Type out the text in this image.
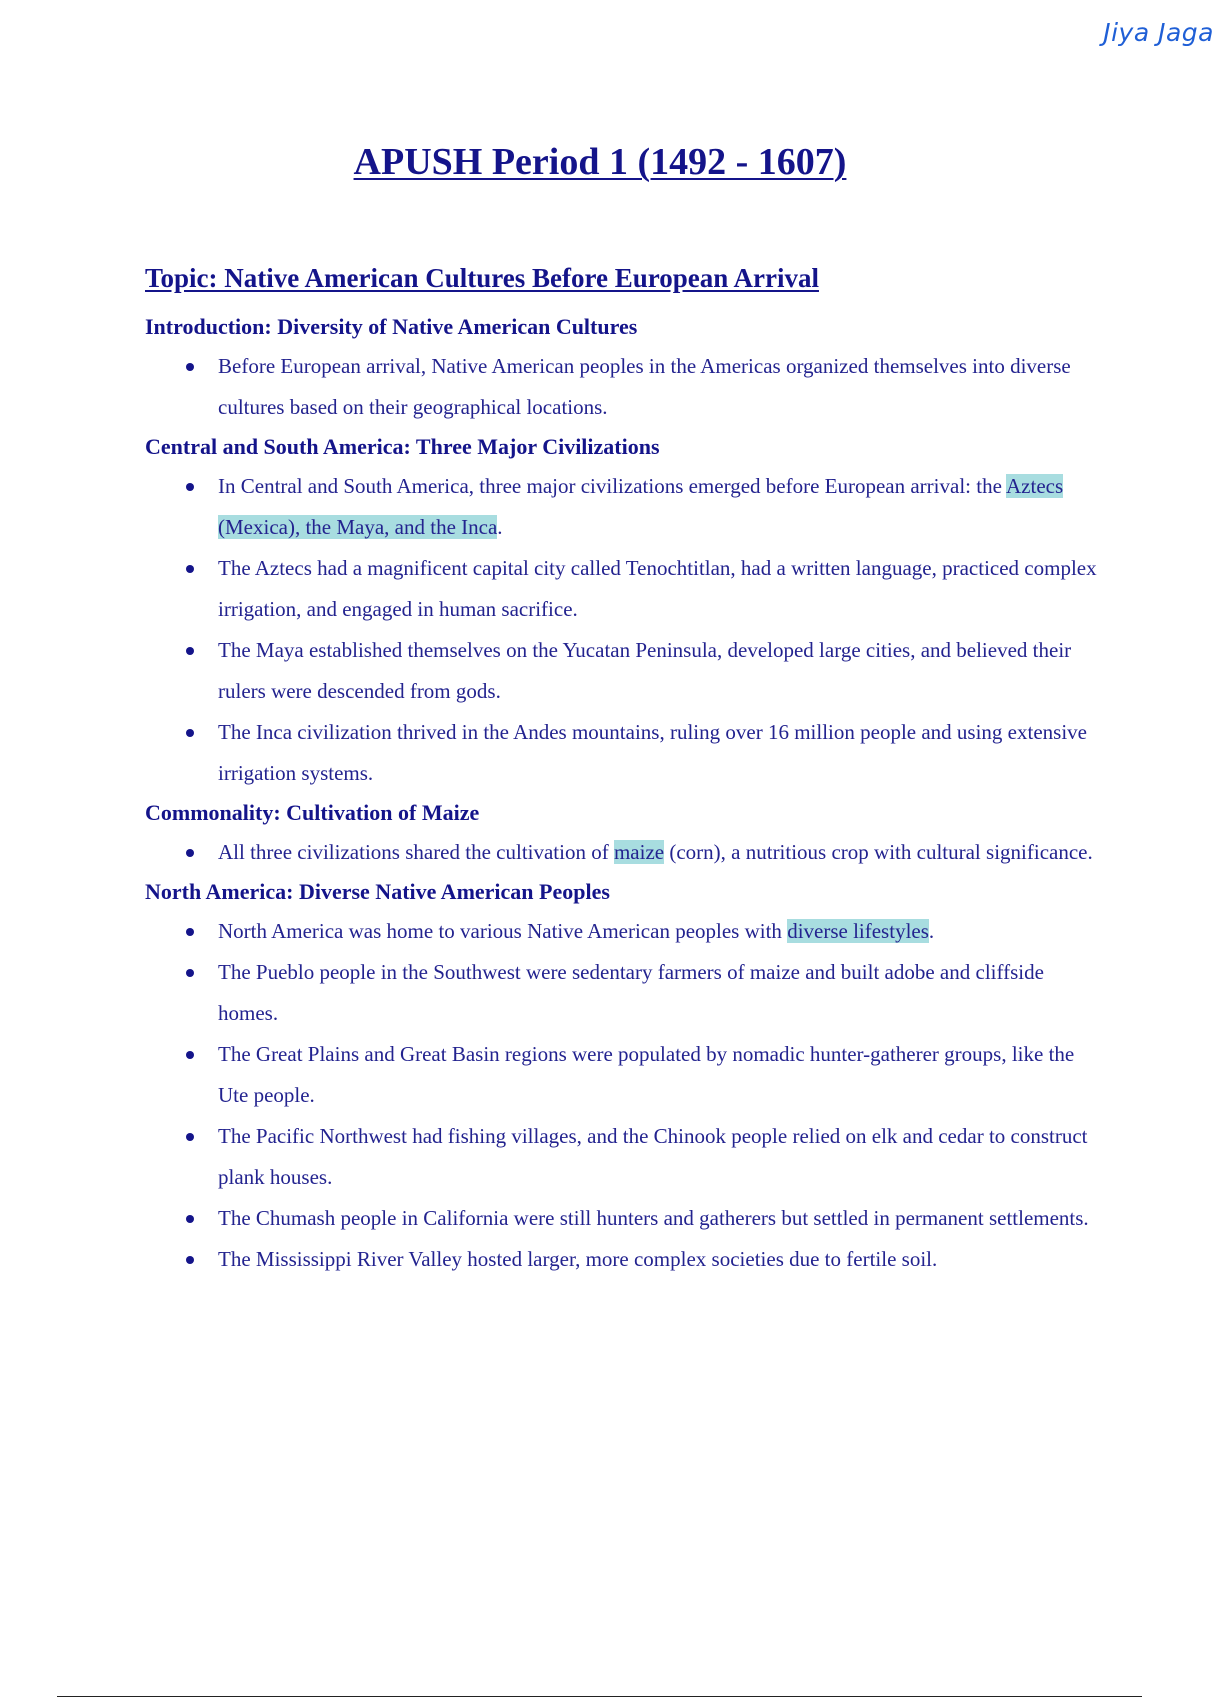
Jiya Jaga
APUSH Period 1 (1492 - 1607)
Topic: Native American Cultures Before European Arrival
Introduction: Diversity of Native American Cultures
Before European arrival, Native American peoples in the Americas organized themselves into diverse cultures based on their geographical locations.
Central and South America: Three Major Civilizations
In Central and South America, three major civilizations emerged before European arrival: the Aztecs (Mexica), the Maya, and the Inca.
The Aztecs had a magnificent capital city called Tenochtitlan, had a written language, practiced complex irrigation, and engaged in human sacrifice.
The Maya established themselves on the Yucatan Peninsula, developed large cities, and believed their rulers were descended from gods.
The Inca civilization thrived in the Andes mountains, ruling over 16 million people and using extensive irrigation systems.
Commonality: Cultivation of Maize
All three civilizations shared the cultivation of maize (corn), a nutritious crop with cultural significance.
North America: Diverse Native American Peoples
North America was home to various Native American peoples with diverse lifestyles.
The Pueblo people in the Southwest were sedentary farmers of maize and built adobe and cliffside homes.
The Great Plains and Great Basin regions were populated by nomadic hunter-gatherer groups, like the Ute people.
The Pacific Northwest had fishing villages, and the Chinook people relied on elk and cedar to construct plank houses.
The Chumash people in California were still hunters and gatherers but settled in permanent settlements.
The Mississippi River Valley hosted larger, more complex societies due to fertile soil.
